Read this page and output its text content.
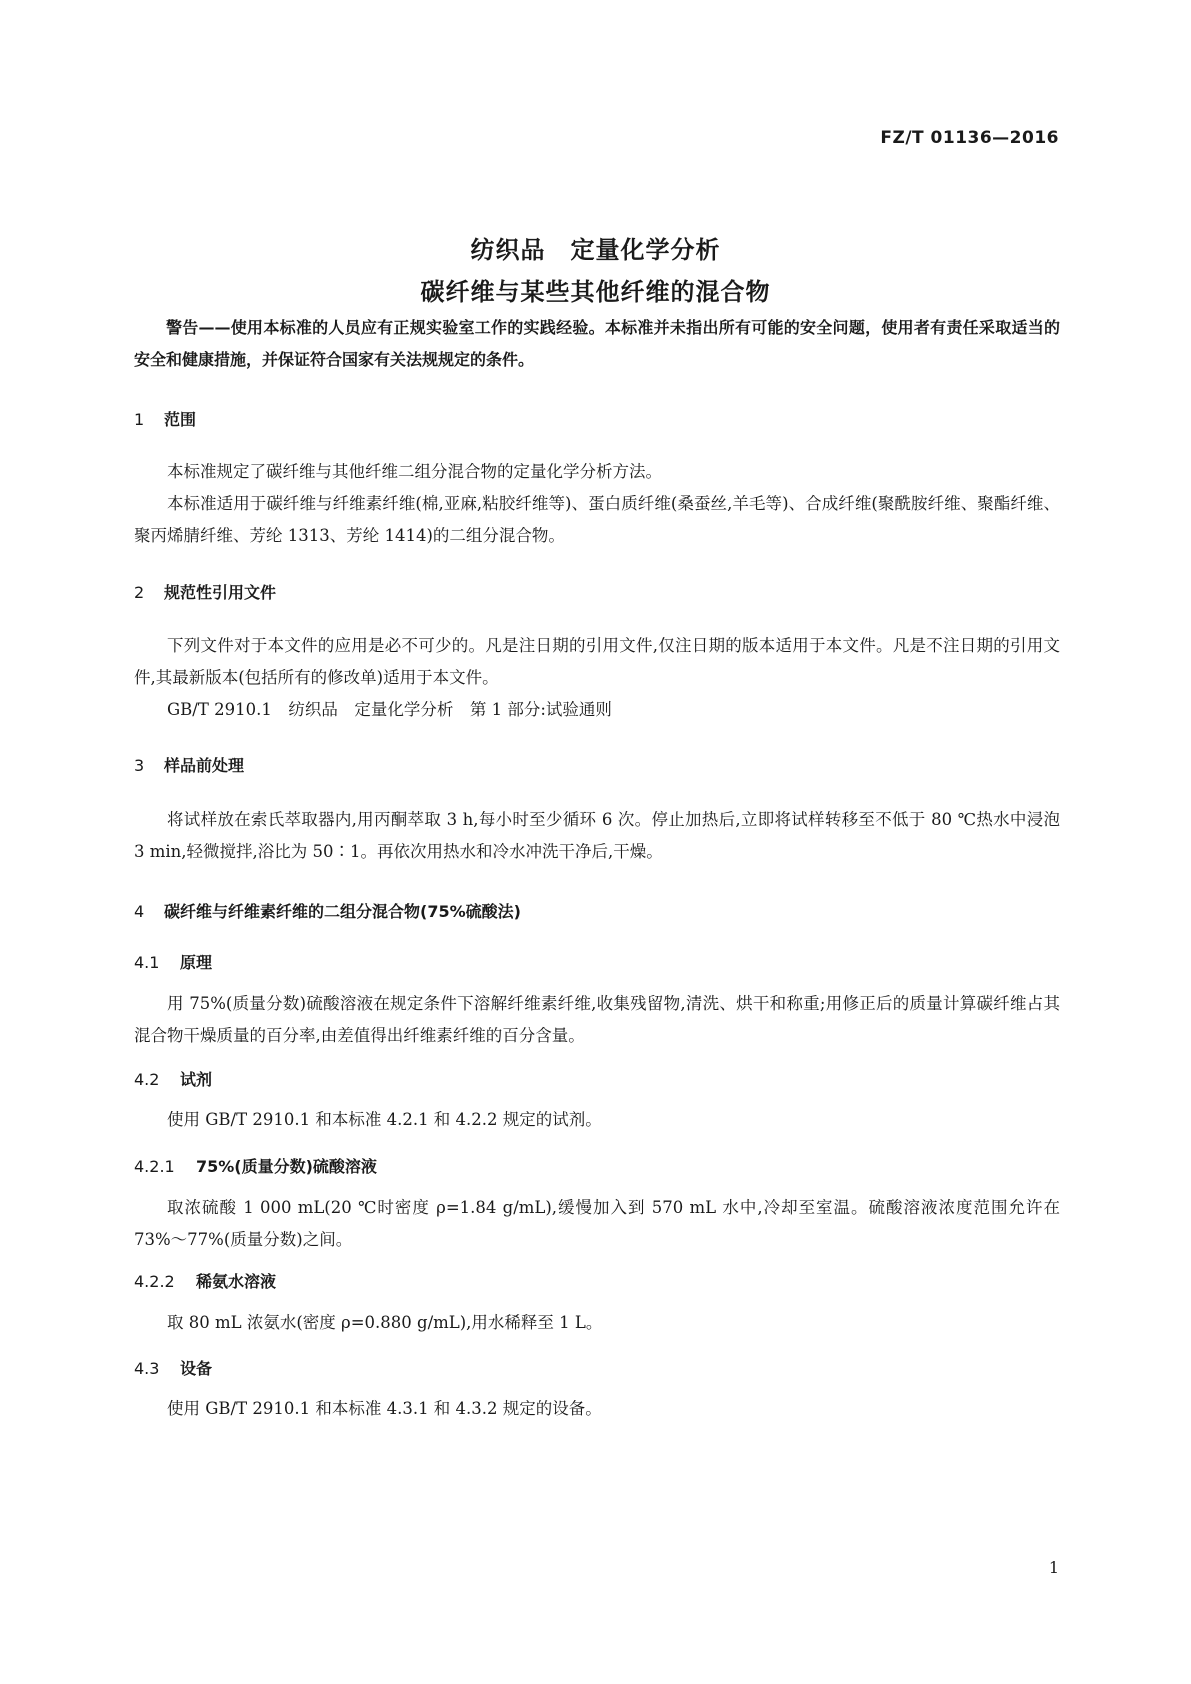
FZ/T 01136—2016
纺织品　定量化学分析
碳纤维与某些其他纤维的混合物

警告——使用本标准的人员应有正规实验室工作的实践经验。本标准并未指出所有可能的安全问题，使用者有责任采取适当的安全和健康措施，并保证符合国家有关法规规定的条件。

1 范围

本标准规定了碳纤维与其他纤维二组分混合物的定量化学分析方法。

本标准适用于碳纤维与纤维素纤维(棉,亚麻,粘胶纤维等)、蛋白质纤维(桑蚕丝,羊毛等)、合成纤维(聚酰胺纤维、聚酯纤维、聚丙烯腈纤维、芳纶 1313、芳纶 1414)的二组分混合物。

2 规范性引用文件

下列文件对于本文件的应用是必不可少的。凡是注日期的引用文件,仅注日期的版本适用于本文件。凡是不注日期的引用文件,其最新版本(包括所有的修改单)适用于本文件。

GB/T 2910.1　纺织品　定量化学分析　第 1 部分:试验通则

3 样品前处理

将试样放在索氏萃取器内,用丙酮萃取 3 h,每小时至少循环 6 次。停止加热后,立即将试样转移至不低于 80 ℃热水中浸泡 3 min,轻微搅拌,浴比为 50∶1。再依次用热水和冷水冲洗干净后,干燥。

4 碳纤维与纤维素纤维的二组分混合物(75%硫酸法)

4.1 原理

用 75%(质量分数)硫酸溶液在规定条件下溶解纤维素纤维,收集残留物,清洗、烘干和称重;用修正后的质量计算碳纤维占其混合物干燥质量的百分率,由差值得出纤维素纤维的百分含量。

4.2 试剂

使用 GB/T 2910.1 和本标准 4.2.1 和 4.2.2 规定的试剂。

4.2.1 75%(质量分数)硫酸溶液

取浓硫酸 1 000 mL(20 ℃时密度 ρ=1.84 g/mL),缓慢加入到 570 mL 水中,冷却至室温。硫酸溶液浓度范围允许在 73%～77%(质量分数)之间。

4.2.2 稀氨水溶液

取 80 mL 浓氨水(密度 ρ=0.880 g/mL),用水稀释至 1 L。

4.3 设备

使用 GB/T 2910.1 和本标准 4.3.1 和 4.3.2 规定的设备。

1
